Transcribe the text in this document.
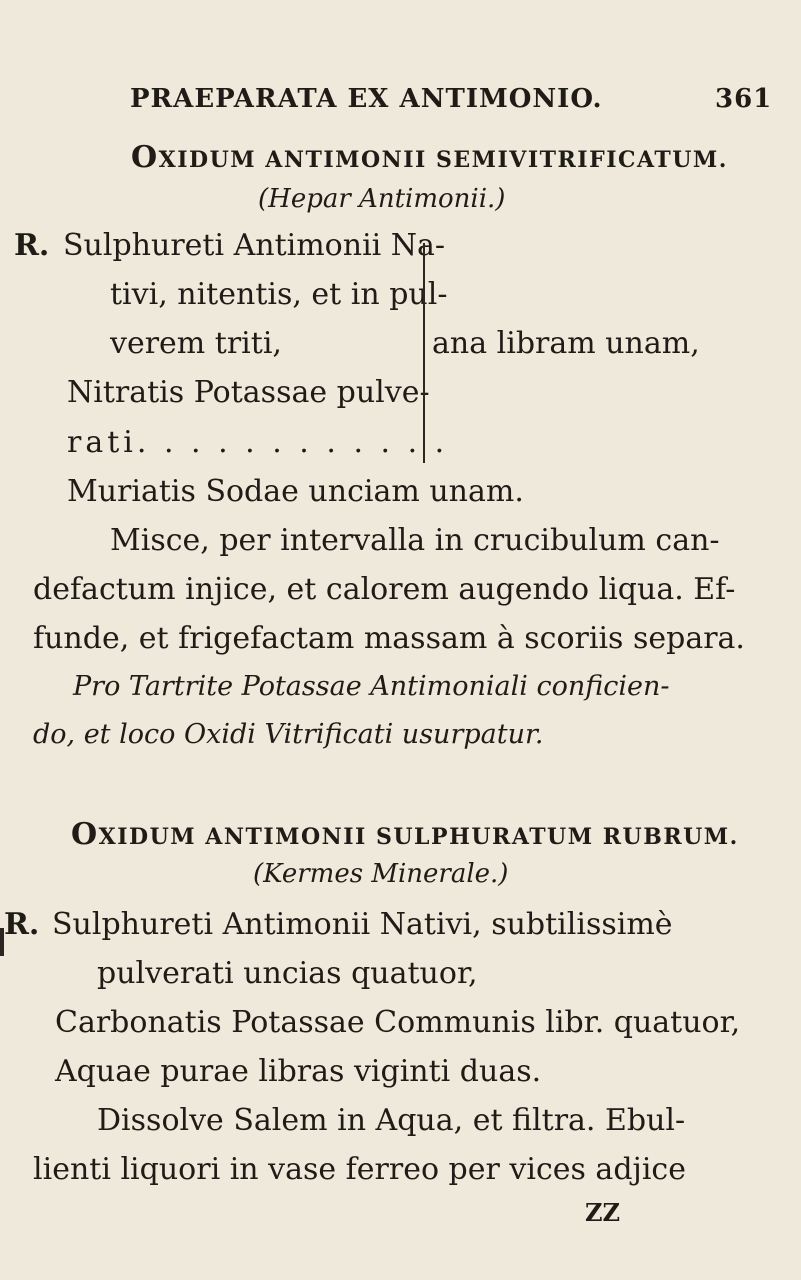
PRAEPARATA EX ANTIMONIO.	361
OXIDUM ANTIMONII SEMIVITRIFICATUM.
(Hepar Antimonii.)
R. Sulphureti Antimonii Na-
tivi, nitentis, et in pul-
verem triti,
Nitratis Potassae pulve-
rati. . . . . . . . . . . .
ana libram unam,
Muriatis Sodae unciam unam.
Misce, per intervalla in crucibulum can-
defactum injice, et calorem augendo liqua. Ef-
funde, et frigefactam massam à scoriis separa.
Pro Tartrite Potassae Antimoniali conficien-
do, et loco Oxidi Vitrificati usurpatur.
OXIDUM ANTIMONII SULPHURATUM RUBRUM.
(Kermes Minerale.)
R. Sulphureti Antimonii Nativi, subtilissimè
pulverati uncias quatuor,
Carbonatis Potassae Communis libr. quatuor,
Aquae purae libras viginti duas.
Dissolve Salem in Aqua, et filtra. Ebul-
lienti liquori in vase ferreo per vices adjice
ZZ
